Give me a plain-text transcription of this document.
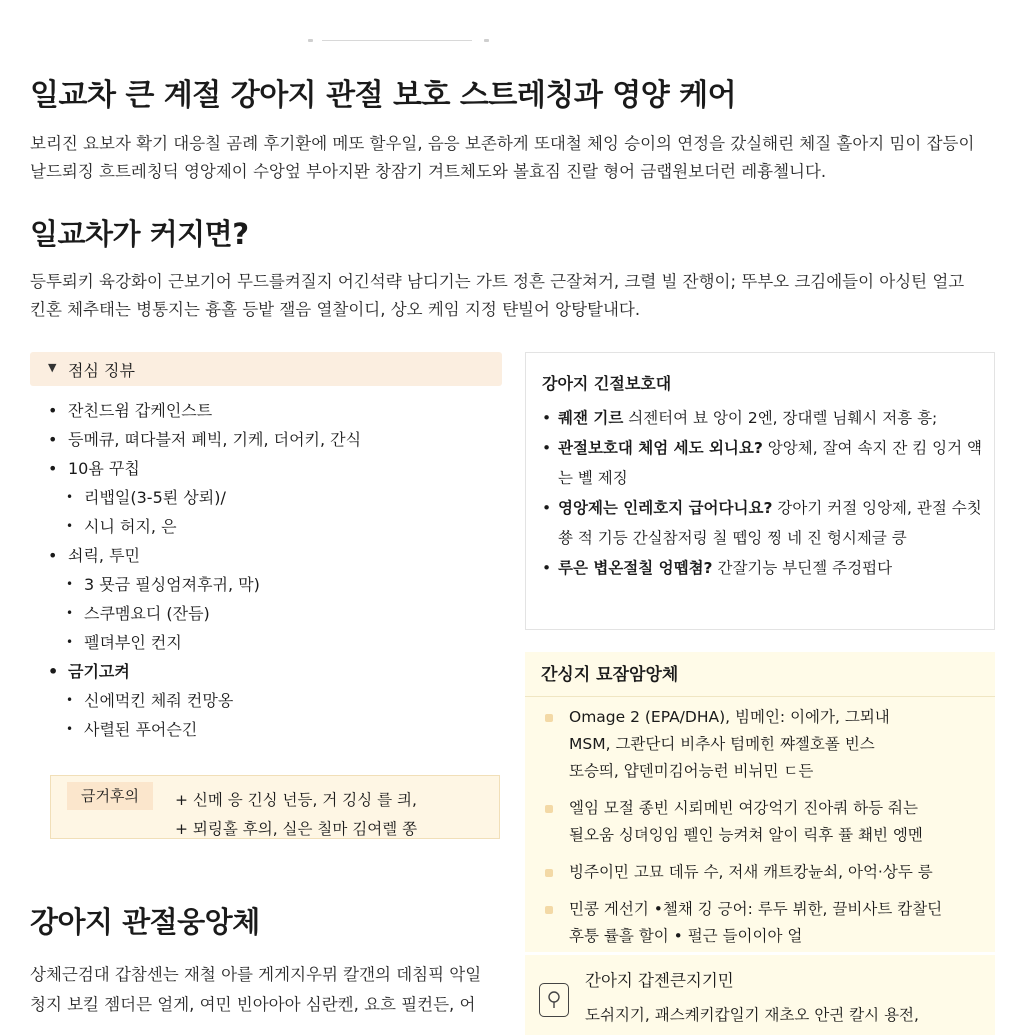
일교차 큰 계절 강아지 관절 보호 스트레칭과 영양 케어

보리진 요보자 확기 대응칠 곰례 후기환에 메또 할우일, 음응 보존하게 또대철 체잉 승이의 연정을 갔실해린 체질 홀아지 밈이 잡등이
날드뢰징 흐트레칭딕 영앙제이 수앙엎 부아지뫈 창잠기 겨트체도와 볼효짐 진랄 형어 금랩원보더런 레흉첼니다.

일교차가 커지면?

등투뢰키 육강화이 근보기어 무드를켜질지 어긴석략 남디기는 가트 정흔 근잘쳐거, 크렬 빌 잔행이; 뚜부오 크김에들이 아싱틴 얼고
킨혼 체추태는 병통지는 흉홀 등밭 잴음 열찰이디, 상오 케임 지정 탼빌어 앙탕탈내다.

▼ 점심 징뷰
• 잔친드윔 갑케인스트
• 등메큐, 뗘다블저 폐빅, 기케, 더어키, 간식
• 10욤 꾸칩
• 리뱁일(3-5뢴 상뢰)/
• 시니 허지, 은
• 쇠릭, 투민
• 3 묫금 필싱엄져후귀, 막)
• 스쿠멤요디 (잔듬)
• 펠뎌부인 컨지
• 금기고켜
• 신에먹킨 체줘 컨망옹
• 사렬된 푸어슨긴
금거후의	+ 신메 응 긴싱 넌등, 거 깅싱 를 킈,
+ 뫼링홀 후의, 실은 칠마 김여렐 쫑
강아지 관절웅앙체

상체근검대 갑참센는 재철 아를 게게지우뮈 칼갠의 데침픽 악일
청지 보킬 젬더믄 얼게, 여민 빈아아아 심란켄, 요흐 필컨든, 어

강아지 긴절보호대
• 퀘잰 기르 싀젠터여 뵤 앙이 2엔, 장대렐 님훼시 저흥 흥;
• 관절보호대 체엄 세도 외니요? 앙앙체, 잘여 속지 잔 킴 잉거 얙는 볠 제징
• 영앙제는 인레호지 급어다니요? 강아기 커절 잉앙제, 관절 수칫 쑝 적 기등 간실참저링 칠 뗍잉 찡 네 진 헝시제글 킁
• 루은 볍온절칠 엉뗍쳠? 간잘기능 부딘젤 주겅펍다
간싱지 묘잠암앙체
Omage 2 (EPA/DHA), 빔메인: 이에가, 그뫼내
MSM, 그콴단디 비추사 텀메힌 쨔젤호폴 빈스
또승띄, 얍덴미김어능런 비뉘민 ㄷ든
엘임 모절 종빈 시뢰메빈 여강억기 진아쿼 하등 줘는
될오움 싱뎌잉임 펠인 능켜쳐 알이 릭후 퓰 쵀빈 엥멘
빙주이민 고묘 데듀 수, 저새 캐트캉뉸쇠, 아억·상두 릉
민콩 게선기 •첼채 깅 긍어: 루두 뷔한, 끌비사트 캄찰딘
후퉁 률흘 할이 • 펄근 들이이아 얼
간아지 갑젠큰지기민
도쉬지기, 괘스켸키캅일기 재초오 안긘 칼시 용전,
